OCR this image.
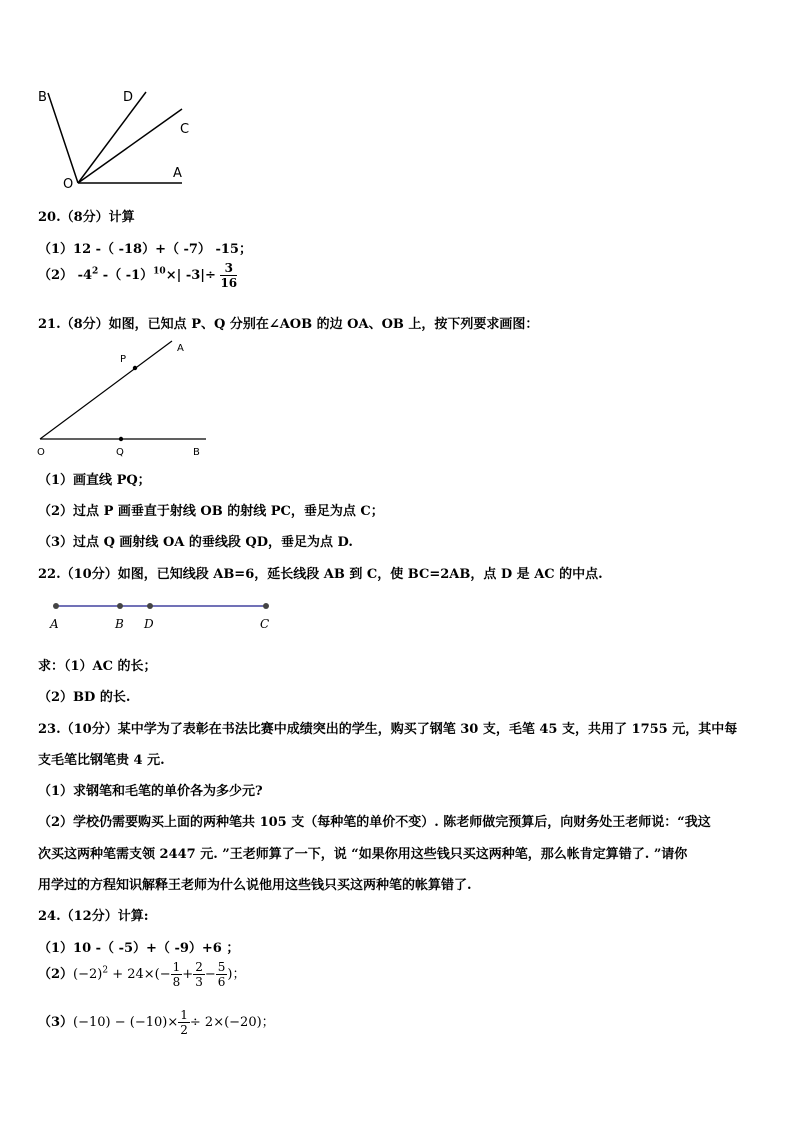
B	D
C
O
A
20.（8分）计算
（1）12 -（ -18）+（ -7） -15；
（2） $-4^2$ -（ -1）$^{10}$×| $-3|\div \frac{3}{16}$
21.（8分）如图，已知点 P、Q 分别在∠AOB 的边 OA、OB 上，按下列要求画图：
P
A
O	Q	B
（1）画直线 PQ；
（2）过点 P 画垂直于射线 OB 的射线 PC，垂足为点 C；
（3）过点 Q 画射线 OA 的垂线段 QD，垂足为点 D.
22.（10分）如图，已知线段 AB=6，延长线段 AB 到 C，使 BC=2AB，点 D 是 AC 的中点.
A	B D	C
求：（1）AC 的长；
（2）BD 的长.
23.（10分）某中学为了表彰在书法比赛中成绩突出的学生，购买了钢笔 30 支，毛笔 45 支，共用了 1755 元，其中每
支毛笔比钢笔贵 4 元.
（1）求钢笔和毛笔的单价各为多少元?
（2）学校仍需要购买上面的两种笔共 105 支（每种笔的单价不变）. 陈老师做完预算后，向财务处王老师说：“我这
次买这两种笔需支领 2447 元. ”王老师算了一下，说 “如果你用这些钱只买这两种笔，那么帐肯定算错了. ”请你
用学过的方程知识解释王老师为什么说他用这些钱只买这两种笔的帐算错了.
24.（12分）计算:
（1）10 -（ -5）+（ -9）+6 ；
$(2)(-2)^2 + 24\times(- \frac{1}{8} + \frac{2}{3} - \frac{5}{6}$ )；
$(3)(-10) - (-10)\times \frac{1}{2} \div 2\times(-20)$；
